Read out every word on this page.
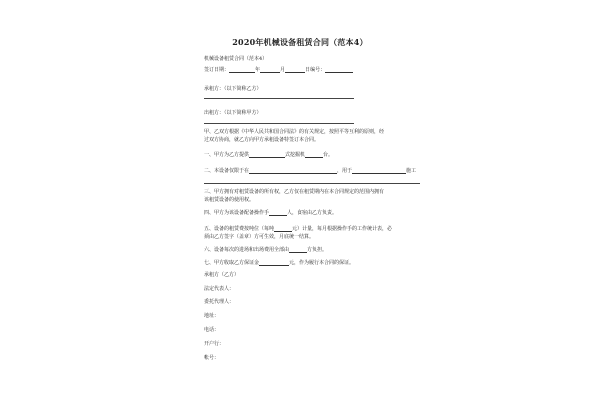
2020年机械设备租赁合同（范本4）
机械设备租赁合同（范本4）
签订日期：	年	月	日编号：
承租方：（以下简称乙方）
出租方：（以下简称甲方）
甲、乙双方根据《中华人民共和国合同法》的有关规定，按照平等互利的原则，经
过双方协商，就乙方向甲方承租设备特签订本合同。
一、甲方为乙方提供	式挖掘机	台。
二、本设备仅限于在	，用于	施工
三、甲方拥有对租赁设备的所有权，乙方仅在租赁期内在本合同规定的范围内拥有
该租赁设备的使用权。
四、甲方为该设备配备操作手	人，食宿由乙方负责。
五、设备的租赁费按吨位（每吨	元）计量，每月根据操作手的工作统计表，必
须由乙方签字（盖章）方可生效，月底统一结算。
六、设备每次的进场和出场费用全部由	方负担。
七、甲方收取乙方保证金	元，作为履行本合同的保证。
承租方（乙方）
法定代表人：
委托代理人：
地址：
电话：
开户行：
帐号：
